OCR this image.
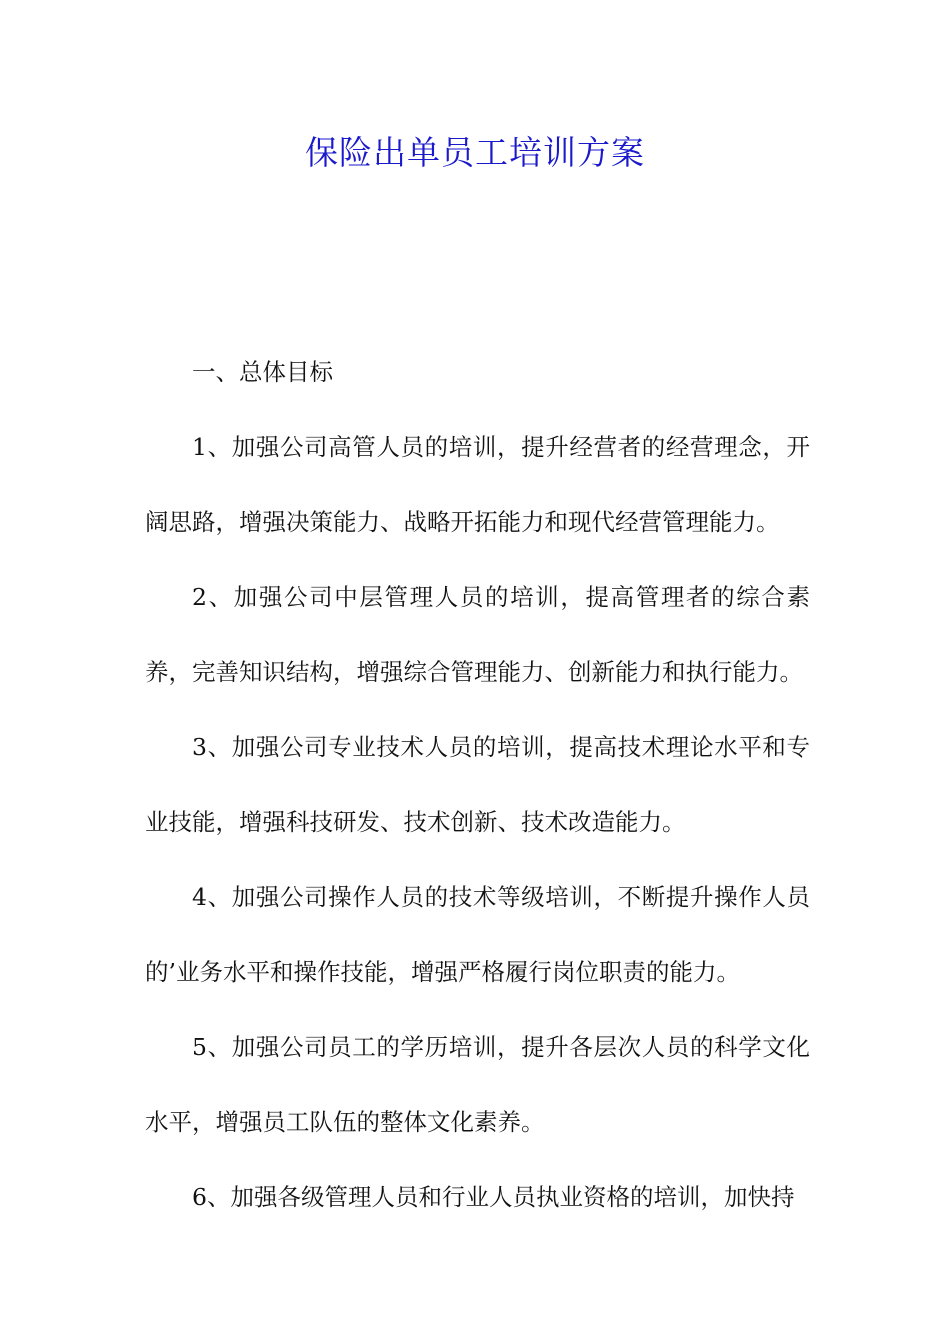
保险出单员工培训方案

一、总体目标

1、加强公司高管人员的培训，提升经营者的经营理念，开阔思路，增强决策能力、战略开拓能力和现代经营管理能力。

2、加强公司中层管理人员的培训，提高管理者的综合素养，完善知识结构，增强综合管理能力、创新能力和执行能力。

3、加强公司专业技术人员的培训，提高技术理论水平和专业技能，增强科技研发、技术创新、技术改造能力。

4、加强公司操作人员的技术等级培训，不断提升操作人员的’业务水平和操作技能，增强严格履行岗位职责的能力。

5、加强公司员工的学历培训，提升各层次人员的科学文化水平，增强员工队伍的整体文化素养。

6、加强各级管理人员和行业人员执业资格的培训，加快持
